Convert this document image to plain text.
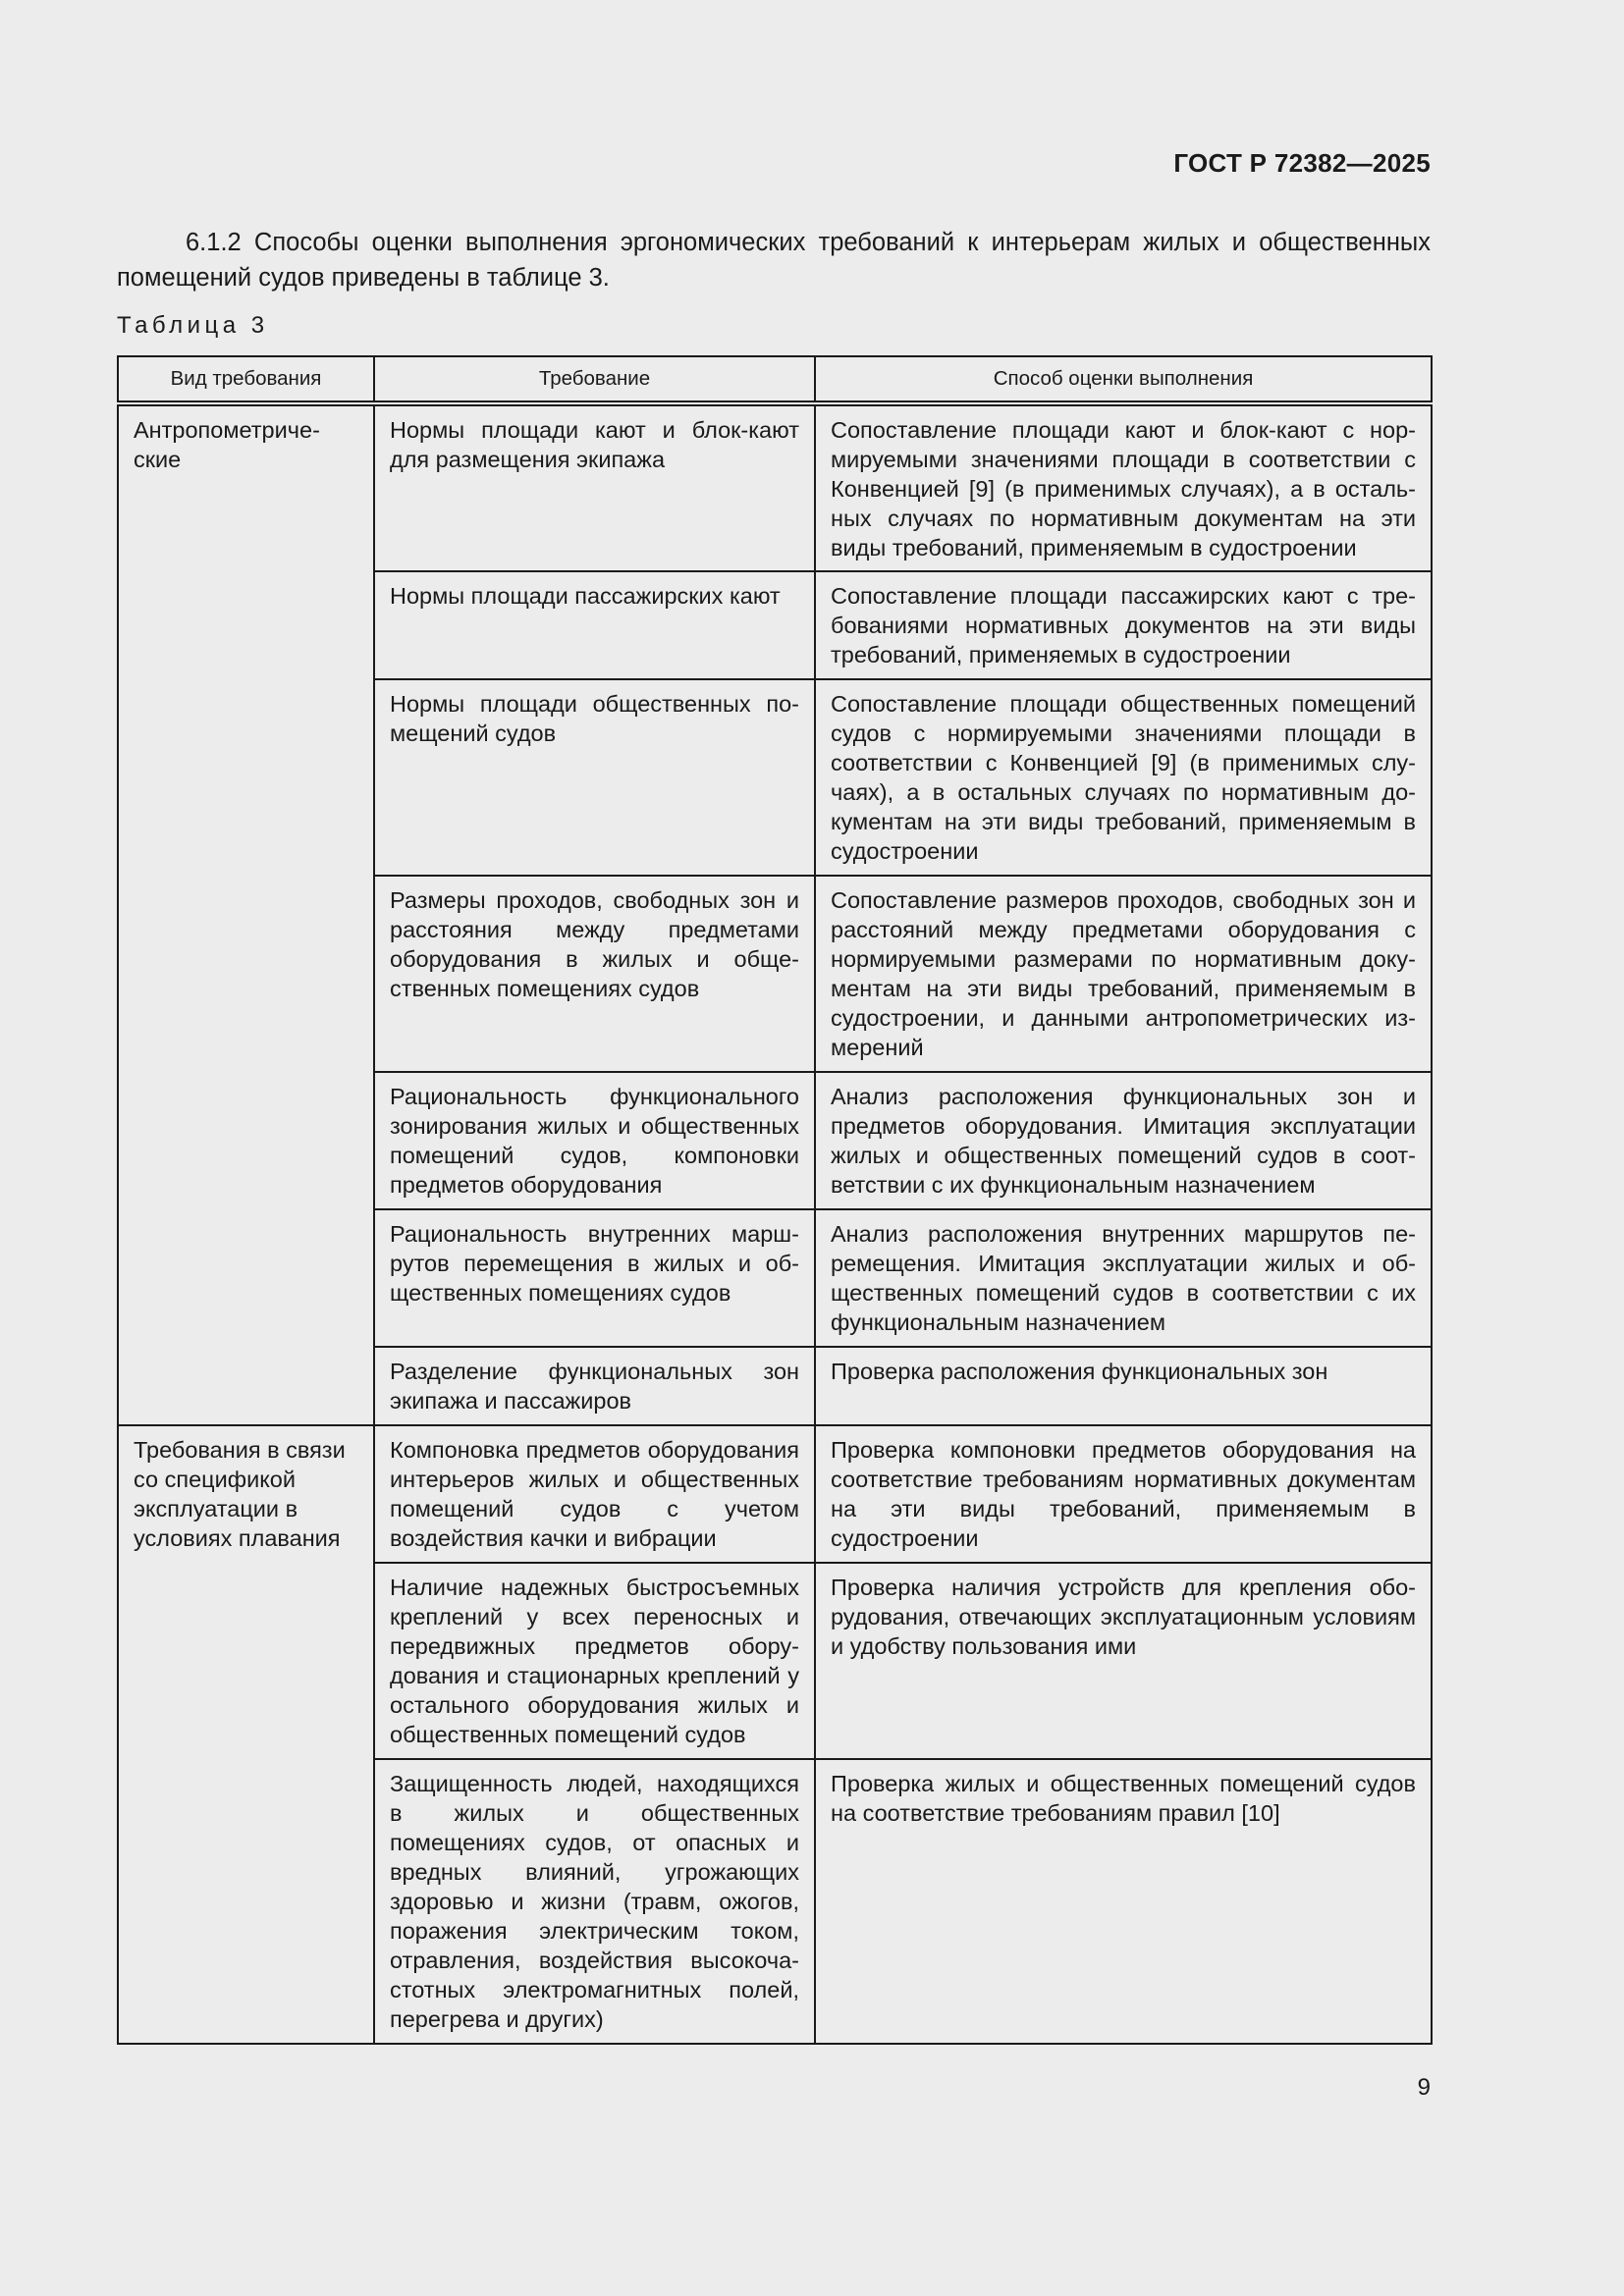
ГОСТ Р 72382—2025

6.1.2 Способы оценки выполнения эргономических требований к интерьерам жилых и общественных помещений судов приведены в таблице 3.

Таблица 3
Вид требования	Требование	Способ оценки выполнения
Антропометрические	Нормы площади кают и блок-кают для размещения экипажа	Сопоставление площади кают и блок-кают с нормируемыми значениями площади в соответствии с Конвенцией [9] (в применимых случаях), а в остальных случаях по нормативным документам на эти виды требований, применяемым в судостроении
	Нормы площади пассажирских кают	Сопоставление площади пассажирских кают с требованиями нормативных документов на эти виды требований, применяемых в судостроении
	Нормы площади общественных помещений судов	Сопоставление площади общественных помещений судов с нормируемыми значениями площади в соответствии с Конвенцией [9] (в применимых случаях), а в остальных случаях по нормативным документам на эти виды требований, применяемым в судостроении
	Размеры проходов, свободных зон и расстояния между предметами оборудования в жилых и общественных помещениях судов	Сопоставление размеров проходов, свободных зон и расстояний между предметами оборудования с нормируемыми размерами по нормативным документам на эти виды требований, применяемым в судостроении, и данными антропометрических измерений
	Рациональность функционального зонирования жилых и общественных помещений судов, компоновки предметов оборудования	Анализ расположения функциональных зон и предметов оборудования. Имитация эксплуатации жилых и общественных помещений судов в соответствии с их функциональным назначением
	Рациональность внутренних маршрутов перемещения в жилых и общественных помещениях судов	Анализ расположения внутренних маршрутов перемещения. Имитация эксплуатации жилых и общественных помещений судов в соответствии с их функциональным назначением
	Разделение функциональных зон экипажа и пассажиров	Проверка расположения функциональных зон
Требования в связи со спецификой эксплуатации в условиях плавания	Компоновка предметов оборудования интерьеров жилых и общественных помещений судов с учетом воздействия качки и вибрации	Проверка компоновки предметов оборудования на соответствие требованиям нормативных документам на эти виды требований, применяемым в судостроении
	Наличие надежных быстросъемных креплений у всех переносных и передвижных предметов оборудования и стационарных креплений у остального оборудования жилых и общественных помещений судов	Проверка наличия устройств для крепления оборудования, отвечающих эксплуатационным условиям и удобству пользования ими
	Защищенность людей, находящихся в жилых и общественных помещениях судов, от опасных и вредных влияний, угрожающих здоровью и жизни (травм, ожогов, поражения электрическим током, отравления, воздействия высокочастотных электромагнитных полей, перегрева и других)	Проверка жилых и общественных помещений судов на соответствие требованиям правил [10]
9
